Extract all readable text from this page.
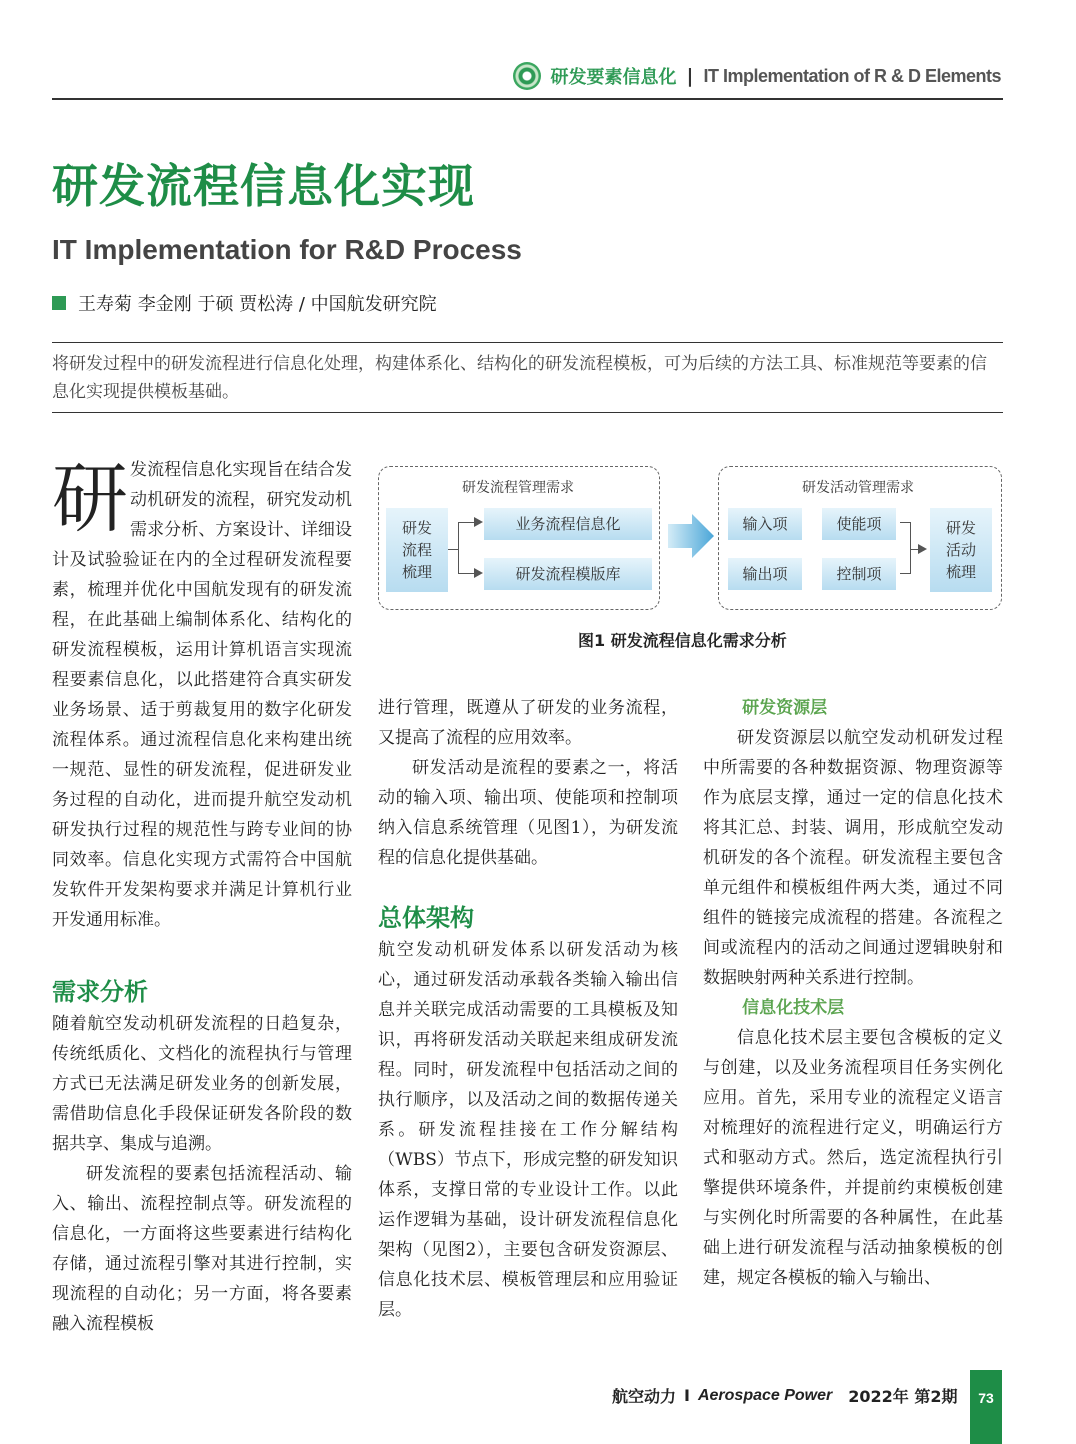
研发要素信息化 | IT Implementation of R & D Elements
研发流程信息化实现
IT Implementation for R&D Process
王寿菊 李金刚 于硕 贾松涛 / 中国航发研究院
将研发过程中的研发流程进行信息化处理，构建体系化、结构化的研发流程模板，可为后续的方法工具、标准规范等要素的信息化实现提供模板基础。
研 发流程信息化实现旨在结合发动机研发的流程，研究发动机需求分析、方案设计、详细设计及试验验证在内的全过程研发流程要素，梳理并优化中国航发现有的研发流程，在此基础上编制体系化、结构化的研发流程模板，运用计算机语言实现流程要素信息化，以此搭建符合真实研发业务场景、适于剪裁复用的数字化研发流程体系。通过流程信息化来构建出统一规范、显性的研发流程，促进研发业务过程的自动化，进而提升航空发动机研发执行过程的规范性与跨专业间的协同效率。信息化实现方式需符合中国航发软件开发架构要求并满足计算机行业开发通用标准。

需求分析

随着航空发动机研发流程的日趋复杂，传统纸质化、文档化的流程执行与管理方式已无法满足研发业务的创新发展，需借助信息化手段保证研发各阶段的数据共享、集成与追溯。

研发流程的要素包括流程活动、输入、输出、流程控制点等。研发流程的信息化，一方面将这些要素进行结构化存储，通过流程引擎对其进行控制，实现流程的自动化；另一方面，将各要素融入流程模板

研发流程管理需求
研发
流程
梳理
业务流程信息化
研发流程模版库
研发活动管理需求
输入项	使能项
输出项	控制项
研发
活动
梳理
图1 研发流程信息化需求分析

进行管理，既遵从了研发的业务流程，又提高了流程的应用效率。

研发活动是流程的要素之一，将活动的输入项、输出项、使能项和控制项纳入信息系统管理（见图1），为研发流程的信息化提供基础。

总体架构

航空发动机研发体系以研发活动为核心，通过研发活动承载各类输入输出信息并关联完成活动需要的工具模板及知识，再将研发活动关联起来组成研发流程。同时，研发流程中包括活动之间的执行顺序，以及活动之间的数据传递关系。研发流程挂接在工作分解结构（WBS）节点下，形成完整的研发知识体系，支撑日常的专业设计工作。以此运作逻辑为基础，设计研发流程信息化架构（见图2），主要包含研发资源层、信息化技术层、模板管理层和应用验证层。

研发资源层

研发资源层以航空发动机研发过程中所需要的各种数据资源、物理资源等作为底层支撑，通过一定的信息化技术将其汇总、封装、调用，形成航空发动机研发的各个流程。研发流程主要包含单元组件和模板组件两大类，通过不同组件的链接完成流程的搭建。各流程之间或流程内的活动之间通过逻辑映射和数据映射两种关系进行控制。

信息化技术层

信息化技术层主要包含模板的定义与创建，以及业务流程项目任务实例化应用。首先，采用专业的流程定义语言对梳理好的流程进行定义，明确运行方式和驱动方式。然后，选定流程执行引擎提供环境条件，并提前约束模板创建与实例化时所需要的各种属性，在此基础上进行研发流程与活动抽象模板的创建，规定各模板的输入与输出、

航空动力 I Aerospace Power 2022年 第2期	73
